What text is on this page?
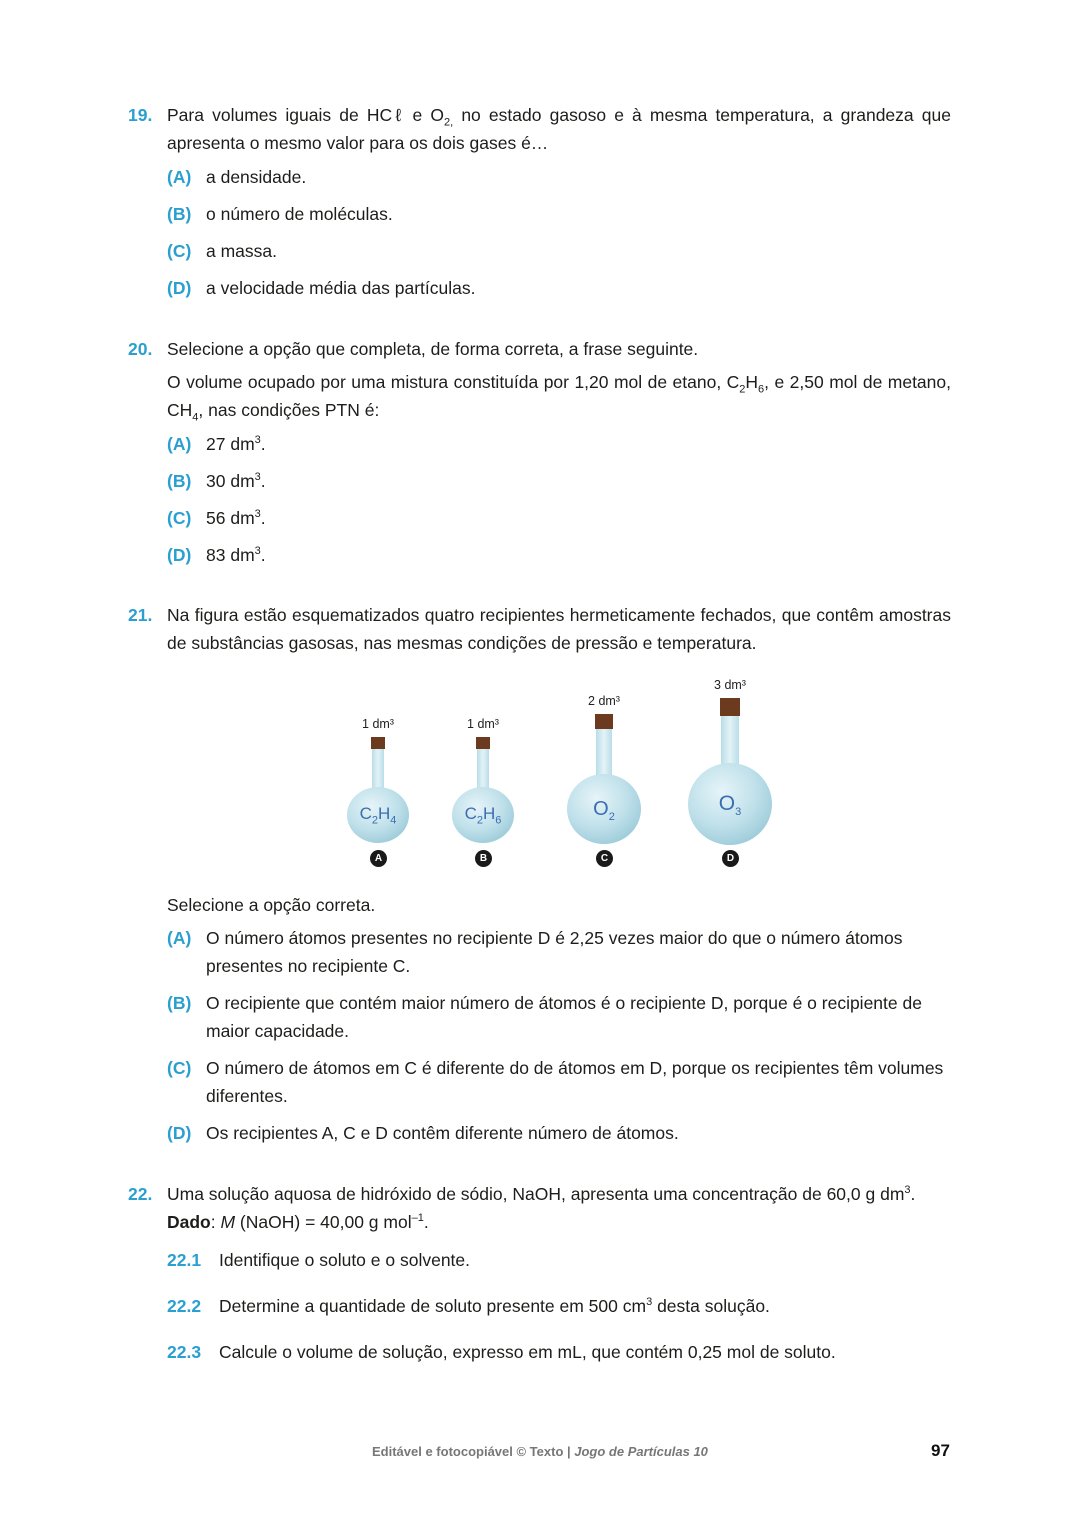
19. Para volumes iguais de HCℓ e $O_{2,}$ no estado gasoso e à mesma temperatura, a grandeza que apresenta o mesmo valor para os dois gases é…
(A) a densidade.
(B) o número de moléculas.
(C) a massa.
(D) a velocidade média das partículas.
20. Selecione a opção que completa, de forma correta, a frase seguinte.
O volume ocupado por uma mistura constituída por 1,20 mol de etano, $C_2H_6$, e 2,50 mol de metano, $CH_4$, nas condições PTN é:
(A) 27 $dm^3$.
(B) 30 $dm^3$.
(C) 56 $dm^3$.
(D) 83 $dm^3$.
21. Na figura estão esquematizados quatro recipientes hermeticamente fechados, que contêm amostras de substâncias gasosas, nas mesmas condições de pressão e temperatura.
1 dm³	1 dm³
2 dm³
3 dm³
$C_2H_4$	$C_2H_6$
$O_2$
$O_3$
A	B	C	D
Selecione a opção correta.
(A) O número átomos presentes no recipiente D é 2,25 vezes maior do que o número átomos presentes no recipiente C.
(B) O recipiente que contém maior número de átomos é o recipiente D, porque é o recipiente de maior capacidade.
(C) O número de átomos em C é diferente do de átomos em D, porque os recipientes têm volumes diferentes.
(D) Os recipientes A, C e D contêm diferente número de átomos.
22. Uma solução aquosa de hidróxido de sódio, NaOH, apresenta uma concentração de 60,0 g $dm^3$.
Dado: M (NaOH) = 40,00 g mol$^{-1}$.
22.1 Identifique o soluto e o solvente.
22.2 Determine a quantidade de soluto presente em 500 $cm^3$ desta solução.
22.3 Calcule o volume de solução, expresso em mL, que contém 0,25 mol de soluto.
Editável e fotocopiável © Texto | Jogo de Partículas 10	97
